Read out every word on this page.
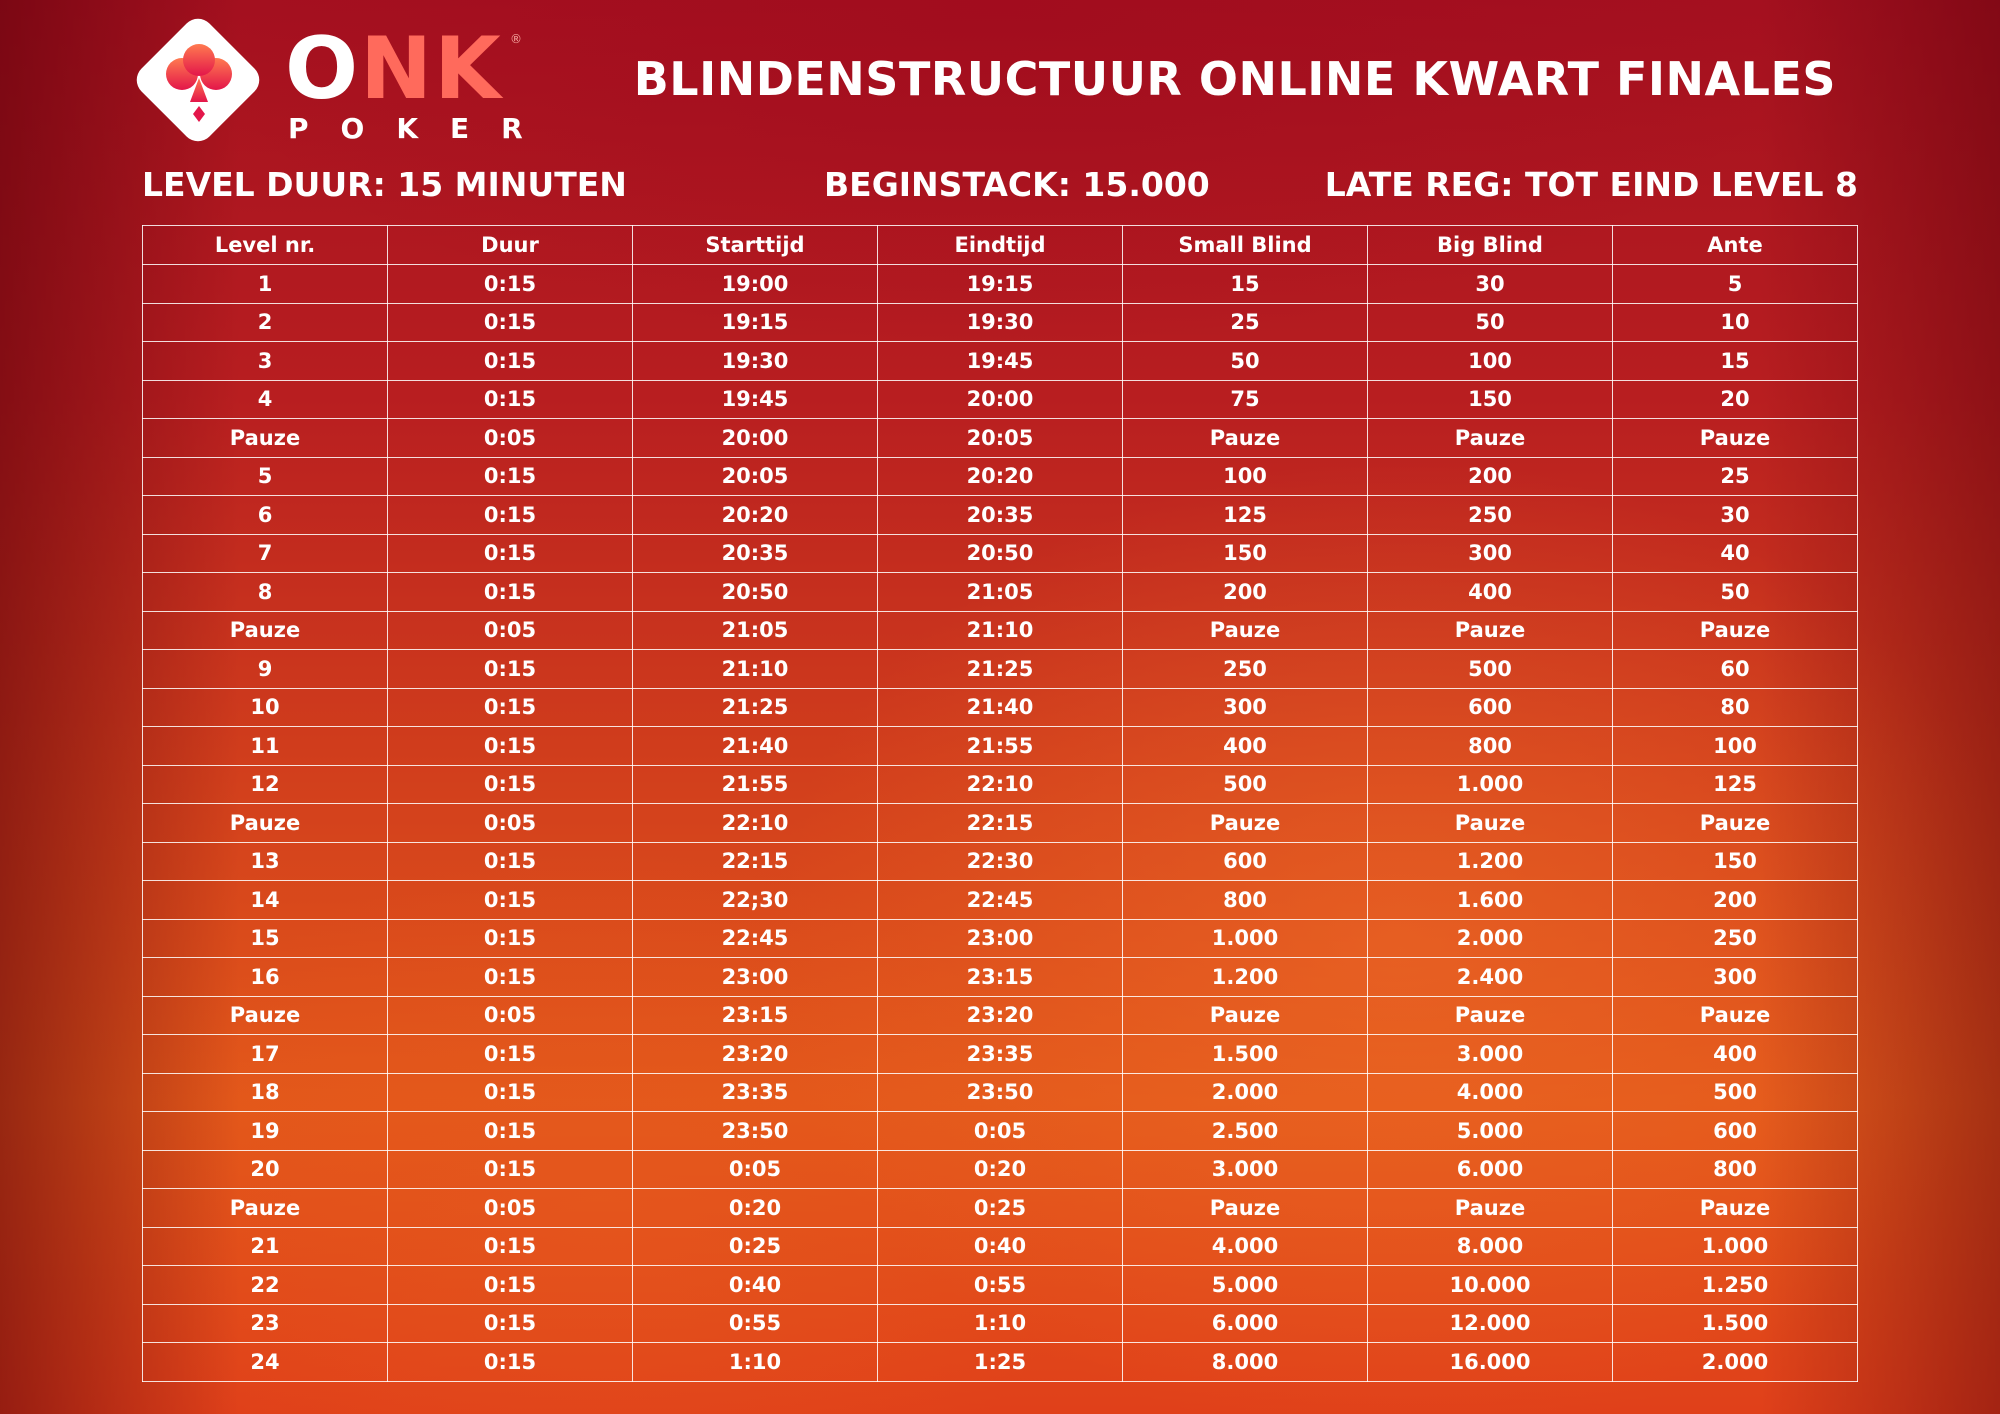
ONK ®
POKER
BLINDENSTRUCTUUR ONLINE KWART FINALES
LEVEL DUUR: 15 MINUTEN	BEGINSTACK: 15.000	LATE REG: TOT EIND LEVEL 8
Level nr.	Duur	Starttijd	Eindtijd	Small Blind	Big Blind	Ante
1	0:15	19:00	19:15	15	30	5
2	0:15	19:15	19:30	25	50	10
3	0:15	19:30	19:45	50	100	15
4	0:15	19:45	20:00	75	150	20
Pauze	0:05	20:00	20:05	Pauze	Pauze	Pauze
5	0:15	20:05	20:20	100	200	25
6	0:15	20:20	20:35	125	250	30
7	0:15	20:35	20:50	150	300	40
8	0:15	20:50	21:05	200	400	50
Pauze	0:05	21:05	21:10	Pauze	Pauze	Pauze
9	0:15	21:10	21:25	250	500	60
10	0:15	21:25	21:40	300	600	80
11	0:15	21:40	21:55	400	800	100
12	0:15	21:55	22:10	500	1.000	125
Pauze	0:05	22:10	22:15	Pauze	Pauze	Pauze
13	0:15	22:15	22:30	600	1.200	150
14	0:15	22;30	22:45	800	1.600	200
15	0:15	22:45	23:00	1.000	2.000	250
16	0:15	23:00	23:15	1.200	2.400	300
Pauze	0:05	23:15	23:20	Pauze	Pauze	Pauze
17	0:15	23:20	23:35	1.500	3.000	400
18	0:15	23:35	23:50	2.000	4.000	500
19	0:15	23:50	0:05	2.500	5.000	600
20	0:15	0:05	0:20	3.000	6.000	800
Pauze	0:05	0:20	0:25	Pauze	Pauze	Pauze
21	0:15	0:25	0:40	4.000	8.000	1.000
22	0:15	0:40	0:55	5.000	10.000	1.250
23	0:15	0:55	1:10	6.000	12.000	1.500
24	0:15	1:10	1:25	8.000	16.000	2.000
